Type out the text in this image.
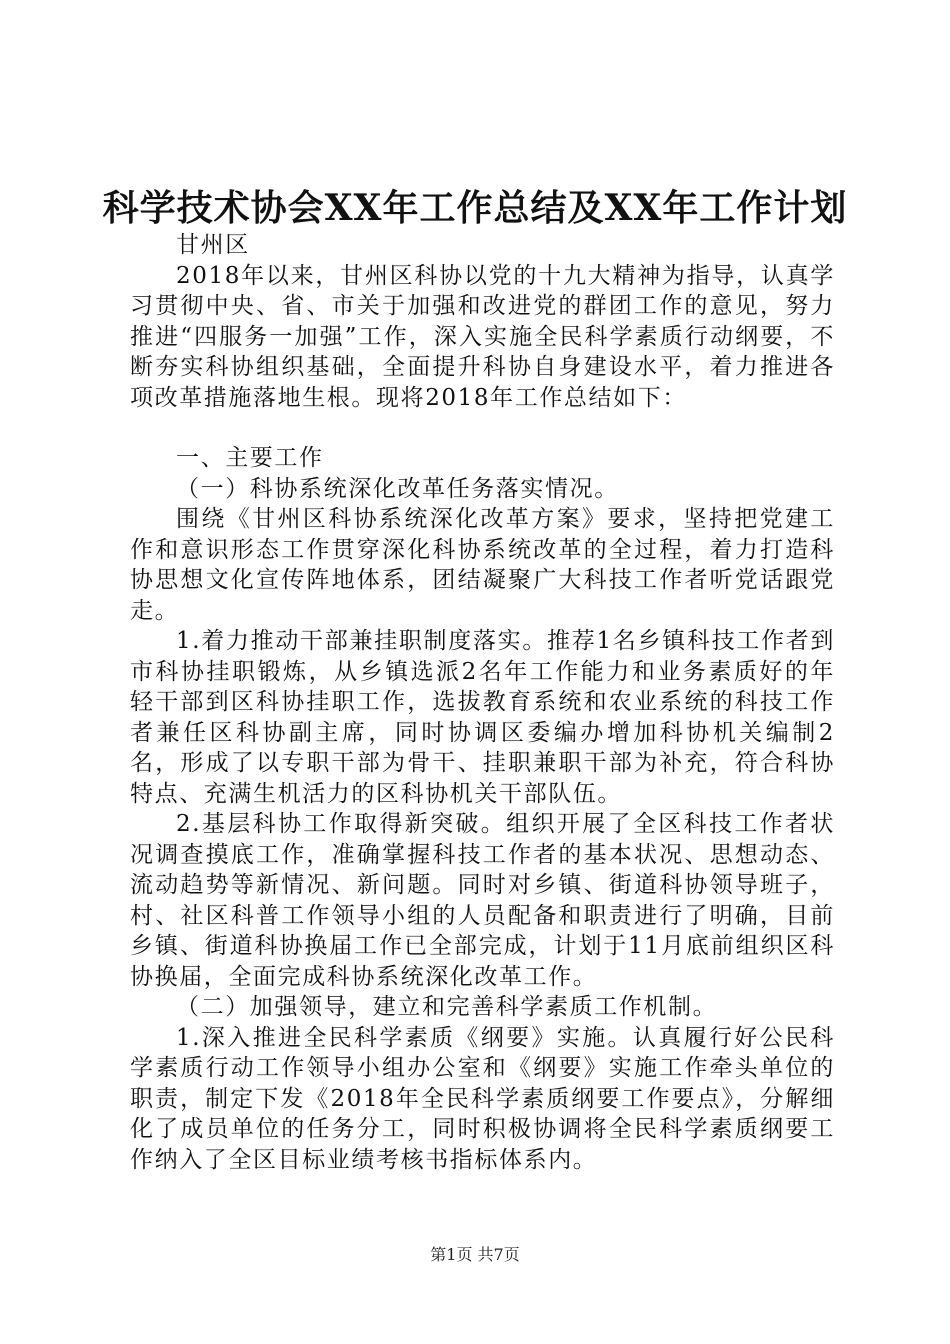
科学技术协会XX年工作总结及XX年工作计划

甘州区

2018年以来，甘州区科协以党的十九大精神为指导，认真学习贯彻中央、省、市关于加强和改进党的群团工作的意见，努力推进“四服务一加强”工作，深入实施全民科学素质行动纲要，不断夯实科协组织基础，全面提升科协自身建设水平，着力推进各项改革措施落地生根。现将2018年工作总结如下：

一、主要工作

（一）科协系统深化改革任务落实情况。

围绕《甘州区科协系统深化改革方案》要求，坚持把党建工作和意识形态工作贯穿深化科协系统改革的全过程，着力打造科协思想文化宣传阵地体系，团结凝聚广大科技工作者听党话跟党走。

1.着力推动干部兼挂职制度落实。推荐1名乡镇科技工作者到市科协挂职锻炼，从乡镇选派2名年工作能力和业务素质好的年轻干部到区科协挂职工作，选拔教育系统和农业系统的科技工作者兼任区科协副主席，同时协调区委编办增加科协机关编制2名，形成了以专职干部为骨干、挂职兼职干部为补充，符合科协特点、充满生机活力的区科协机关干部队伍。

2.基层科协工作取得新突破。组织开展了全区科技工作者状况调查摸底工作，准确掌握科技工作者的基本状况、思想动态、流动趋势等新情况、新问题。同时对乡镇、街道科协领导班子，村、社区科普工作领导小组的人员配备和职责进行了明确，目前乡镇、街道科协换届工作已全部完成，计划于11月底前组织区科协换届，全面完成科协系统深化改革工作。

（二）加强领导，建立和完善科学素质工作机制。

1.深入推进全民科学素质《纲要》实施。认真履行好公民科学素质行动工作领导小组办公室和《纲要》实施工作牵头单位的职责，制定下发《2018年全民科学素质纲要工作要点》，分解细化了成员单位的任务分工，同时积极协调将全民科学素质纲要工作纳入了全区目标业绩考核书指标体系内。

第1页 共7页
